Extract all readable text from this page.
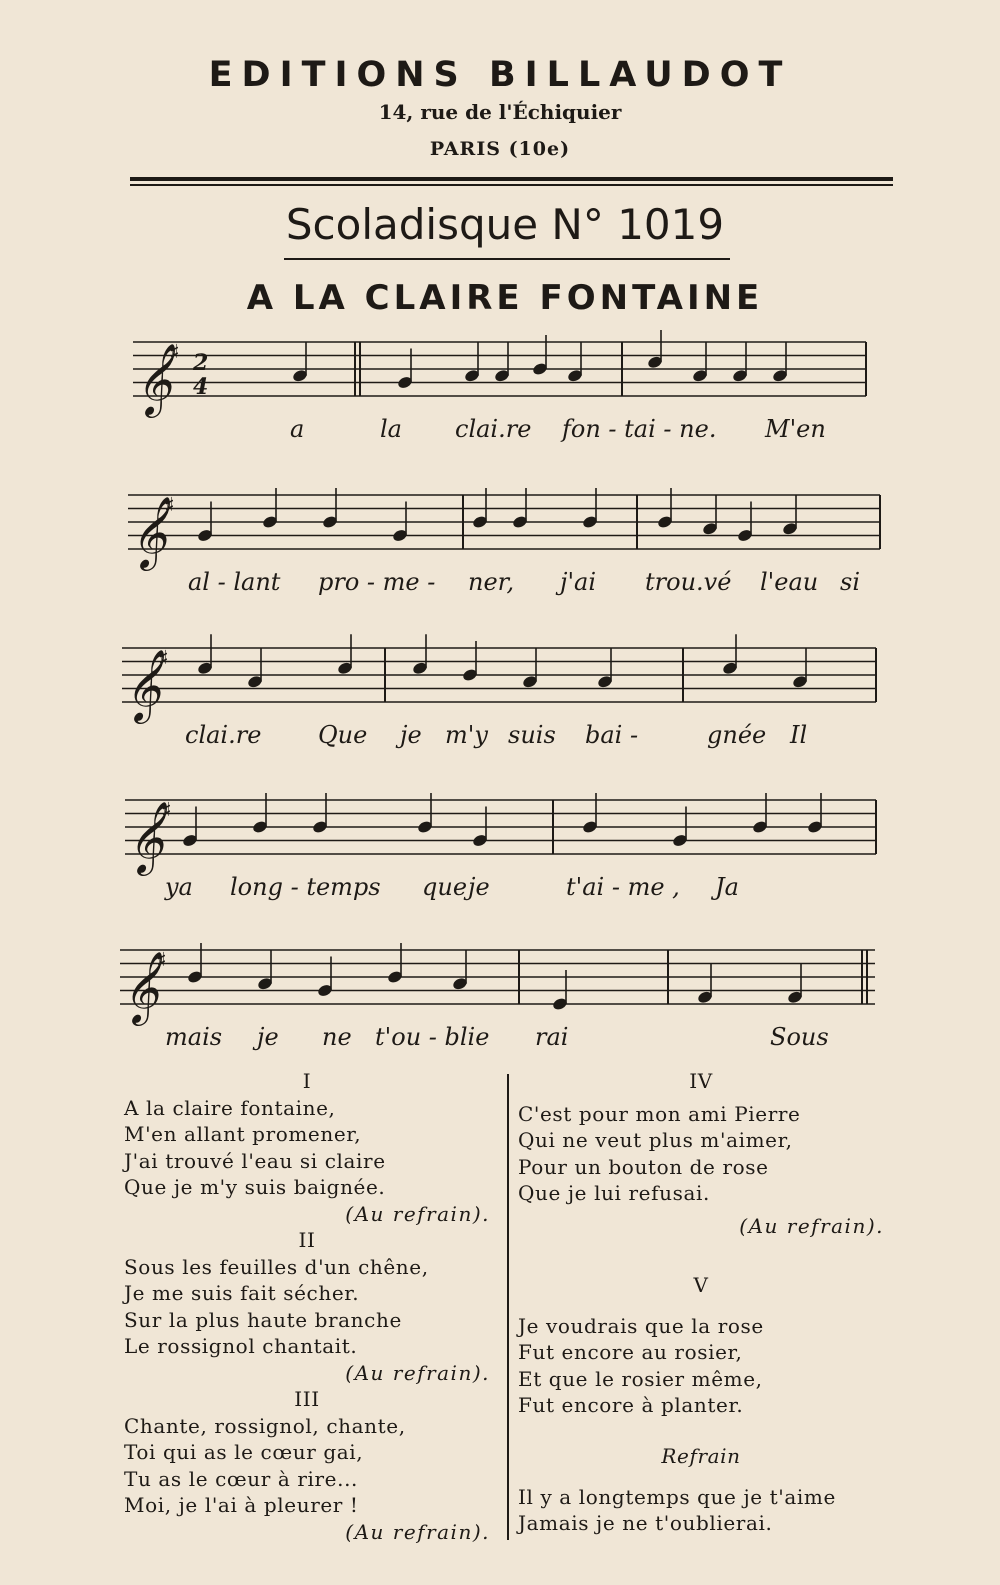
EDITIONS BILLAUDOT
14, rue de l'Échiquier
PARIS (10e)
Scoladisque N° 1019
A LA CLAIRE FONTAINE
𝄞
♯ 2
4
a	la clai.re fon - tai - ne. M'en
𝄞
♯
al - lant pro - me - ner, j'ai trou.vé l'eau si
𝄞
♯
clai.re Que je m'y suis bai -	gnée Il
𝄞
♯
ya long - temps que je	t'ai - me , Ja
𝄞
♯
mais je ne t'ou - blie rai	Sous
I
A la claire fontaine,
M'en allant promener,
J'ai trouvé l'eau si claire
Que je m'y suis baignée.
(Au refrain).
II
Sous les feuilles d'un chêne,
Je me suis fait sécher.
Sur la plus haute branche
Le rossignol chantait.
(Au refrain).
III
Chante, rossignol, chante,
Toi qui as le cœur gai,
Tu as le cœur à rire...
Moi, je l'ai à pleurer !
(Au refrain).
IV
C'est pour mon ami Pierre
Qui ne veut plus m'aimer,
Pour un bouton de rose
Que je lui refusai.
(Au refrain).
V
Je voudrais que la rose
Fut encore au rosier,
Et que le rosier même,
Fut encore à planter.
Refrain
Il y a longtemps que je t'aime
Jamais je ne t'oublierai.
